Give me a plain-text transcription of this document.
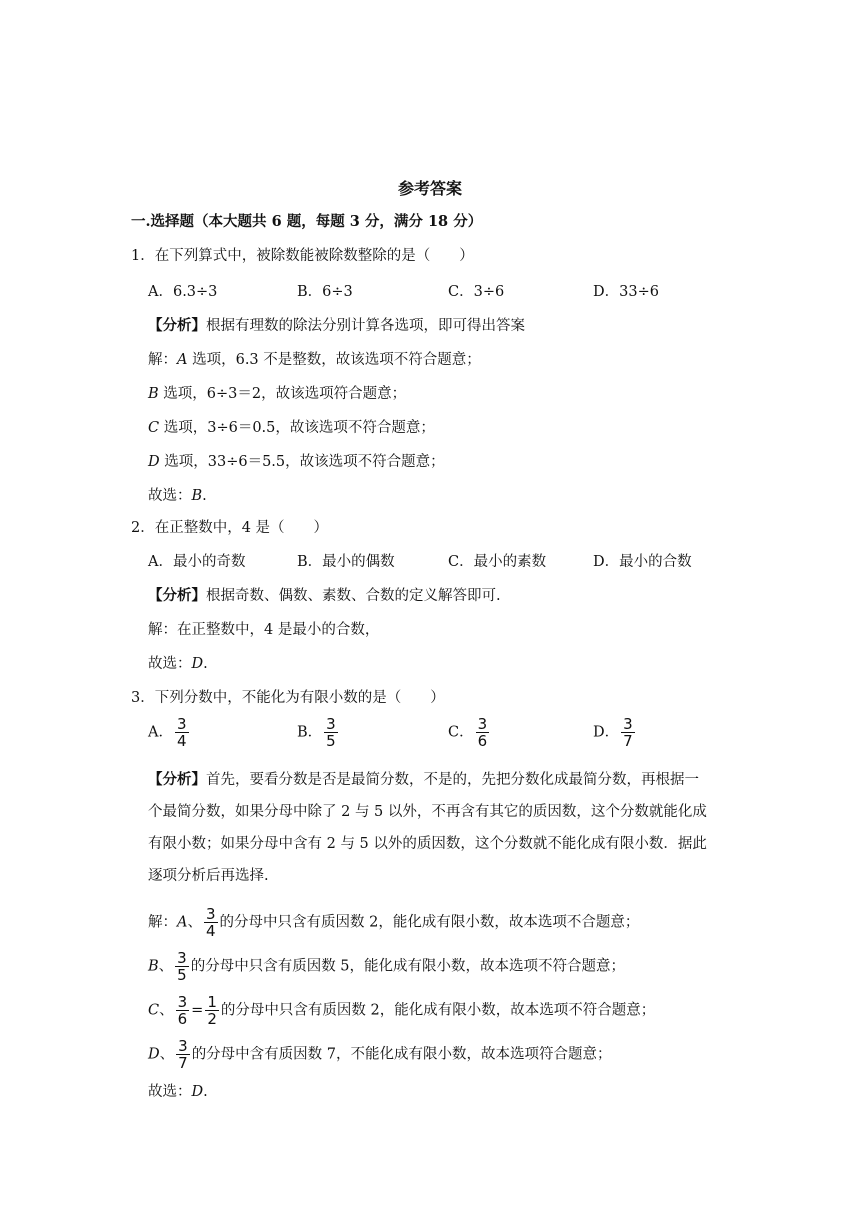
参考答案
一.选择题（本大题共 6 题，每题 3 分，满分 18 分）
1．在下列算式中，被除数能被除数整除的是（　　）
A．6.3÷3	B．6÷3	C．3÷6	D．33÷6
【分析】根据有理数的除法分别计算各选项，即可得出答案
解：A 选项，6.3 不是整数，故该选项不符合题意；
B 选项，6÷3＝2，故该选项符合题意；
C 选项，3÷6＝0.5，故该选项不符合题意；
D 选项，33÷6＝5.5，故该选项不符合题意；
故选：B.
2．在正整数中，4 是（　　）
A．最小的奇数	B．最小的偶数	C．最小的素数	D．最小的合数
【分析】根据奇数、偶数、素数、合数的定义解答即可.
解：在正整数中，4 是最小的合数，
故选：D.
3．下列分数中，不能化为有限小数的是（　　）
A． $\frac{3}{4}$	B． $\frac{3}{5}$	C． $\frac{3}{6}$	D． $\frac{3}{7}$
【分析】首先，要看分数是否是最简分数，不是的，先把分数化成最简分数，再根据一
个最简分数，如果分母中除了 2 与 5 以外，不再含有其它的质因数，这个分数就能化成
有限小数；如果分母中含有 2 与 5 以外的质因数，这个分数就不能化成有限小数．据此
逐项分析后再选择.
解：A、 $\frac{3}{4}$ 的分母中只含有质因数 2，能化成有限小数，故本选项不合题意；
B、 $\frac{3}{5}$ 的分母中只含有质因数 5，能化成有限小数，故本选项不符合题意；
C、 $\frac{3}{6} = \frac{1}{2}$ 的分母中只含有质因数 2，能化成有限小数，故本选项不符合题意；
D、 $\frac{3}{7}$ 的分母中含有质因数 7，不能化成有限小数，故本选项符合题意；
故选：D.
